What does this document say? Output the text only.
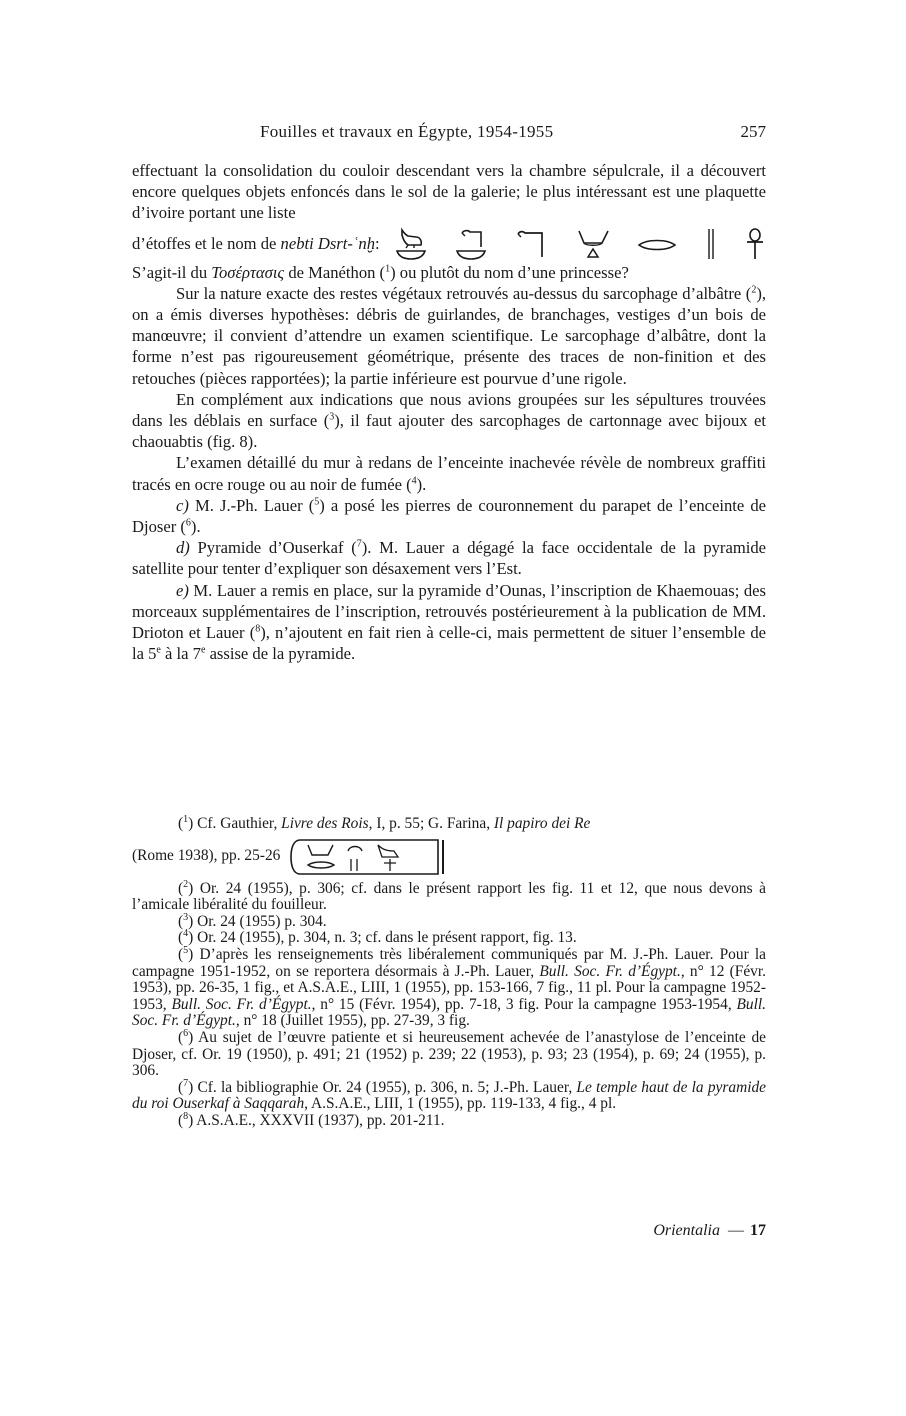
Fouilles et travaux en Égypte, 1954-1955	257

effectuant la consolidation du couloir descendant vers la chambre sépulcrale, il a découvert encore quelques objets enfoncés dans le sol de la galerie; le plus intéressant est une plaquette d’ivoire portant une liste

d’étoffes et le nom de nebti Dsrt-ʿnḫ:

S’agit-il du Τοσέρτασις de Manéthon ($^1$) ou plutôt du nom d’une princesse?

Sur la nature exacte des restes végétaux retrouvés au-dessus du sarcophage d’albâtre ($^2$), on a émis diverses hypothèses: débris de guirlandes, de branchages, vestiges d’un bois de manœuvre; il convient d’attendre un examen scientifique. Le sarcophage d’albâtre, dont la forme n’est pas rigoureusement géométrique, présente des traces de non-finition et des retouches (pièces rapportées); la partie inférieure est pourvue d’une rigole.

En complément aux indications que nous avions groupées sur les sépultures trouvées dans les déblais en surface ($^3$), il faut ajouter des sarcophages de cartonnage avec bijoux et chaouabtis (fig. 8).

L’examen détaillé du mur à redans de l’enceinte inachevée révèle de nombreux graffiti tracés en ocre rouge ou au noir de fumée ($^4$).

c) M. J.-Ph. Lauer ($^5$) a posé les pierres de couronnement du parapet de l’enceinte de Djoser ($^6$).

d) Pyramide d’Ouserkaf ($^7$). M. Lauer a dégagé la face occidentale de la pyramide satellite pour tenter d’expliquer son désaxement vers l’Est.

e) M. Lauer a remis en place, sur la pyramide d’Ounas, l’inscription de Khaemouas; des morceaux supplémentaires de l’inscription, retrouvés postérieurement à la publication de MM. Drioton et Lauer ($^8$), n’ajoutent en fait rien à celle-ci, mais permettent de situer l’ensemble de la 5e à la 7e assise de la pyramide.

($^1$) Cf. Gauthier, Livre des Rois, I, p. 55; G. Farina, Il papiro dei Re

(Rome 1938), pp. 25-26

($^2$) Or. 24 (1955), p. 306; cf. dans le présent rapport les fig. 11 et 12, que nous devons à l’amicale libéralité du fouilleur.

($^3$) Or. 24 (1955) p. 304.

($^4$) Or. 24 (1955), p. 304, n. 3; cf. dans le présent rapport, fig. 13.

($^5$) D’après les renseignements très libéralement communiqués par M. J.-Ph. Lauer. Pour la campagne 1951-1952, on se reportera désormais à J.-Ph. Lauer, Bull. Soc. Fr. d’Égypt., n° 12 (Févr. 1953), pp. 26-35, 1 fig., et A.S.A.E., LIII, 1 (1955), pp. 153-166, 7 fig., 11 pl. Pour la campagne 1952-1953, Bull. Soc. Fr. d’Égypt., n° 15 (Févr. 1954), pp. 7-18, 3 fig. Pour la campagne 1953-1954, Bull. Soc. Fr. d’Égypt., n° 18 (Juillet 1955), pp. 27-39, 3 fig.

($^6$) Au sujet de l’œuvre patiente et si heureusement achevée de l’anastylose de l’enceinte de Djoser, cf. Or. 19 (1950), p. 491; 21 (1952) p. 239; 22 (1953), p. 93; 23 (1954), p. 69; 24 (1955), p. 306.

($^7$) Cf. la bibliographie Or. 24 (1955), p. 306, n. 5; J.-Ph. Lauer, Le temple haut de la pyramide du roi Ouserkaf à Saqqarah, A.S.A.E., LIII, 1 (1955), pp. 119-133, 4 fig., 4 pl.

($^8$) A.S.A.E., XXXVII (1937), pp. 201-211.

Orientalia — 17
